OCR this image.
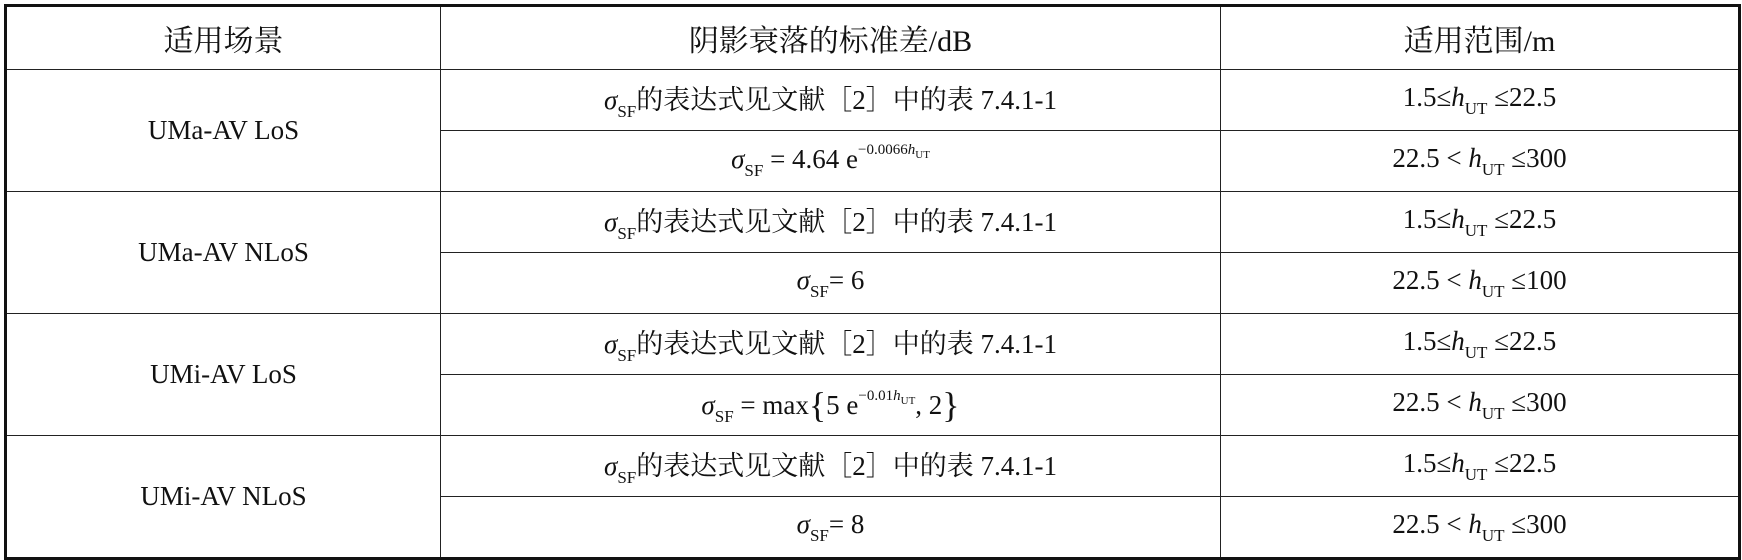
适用场景	阴影衰落的标准差/dB	适用范围/m
UMa-AV LoS	$\sigma_{SF}$的表达式见文献［2］中的表 7.4.1-1	$1.5\le h_{UT} \le 22.5$
	$\sigma_{SF} = 4.64$ $e^{-0.0066h_{UT}}$	$22.5 < h_{UT} \le 300$
UMa-AV NLoS	$\sigma_{SF}$的表达式见文献［2］中的表 7.4.1-1	$1.5\le h_{UT} \le 22.5$
	$\sigma_{SF}= 6$	$22.5 < h_{UT} \le 100$
UMi-AV LoS	$\sigma_{SF}$的表达式见文献［2］中的表 7.4.1-1	$1.5\le h_{UT} \le 22.5$
	$\sigma_{SF} = \max\{5$ $e^{-0.01h_{UT}}$, 2}	$22.5 < h_{UT} \le 300$
UMi-AV NLoS	$\sigma_{SF}$的表达式见文献［2］中的表 7.4.1-1	$1.5\le h_{UT} \le 22.5$
	$\sigma_{SF}= 8$	$22.5 < h_{UT} \le 300$
